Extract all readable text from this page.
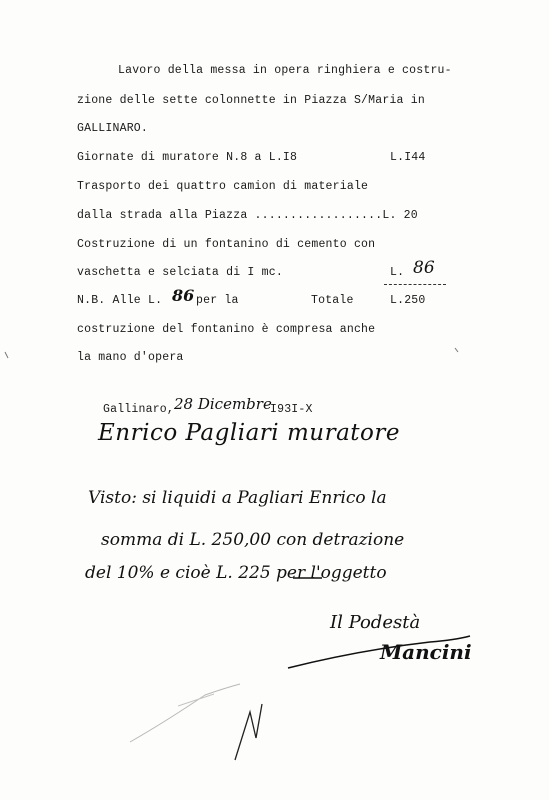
Lavoro della messa in opera ringhiera e costru-
zione delle sette colonnette in Piazza S/Maria in
GALLINARO.
Giornate di muratore N.8 a L.I8	L.I44
Trasporto dei quattro camion di materiale
dalla strada alla Piazza ..................L. 20
Costruzione di un fontanino di cemento con
vaschetta e selciata di I mc.	L. 86
N.B. Alle L. 86 per la	Totale	L.250
costruzione del fontanino è compresa anche
la mano d'opera
Gallinaro, 28 Dicembre
I93I-X
Enrico Pagliari muratore
Visto: si liquidi a Pagliari Enrico la
somma di L. 250,00 con detrazione
del 10% e cioè L. 225 per l'oggetto
Il Podestà
Mancini
